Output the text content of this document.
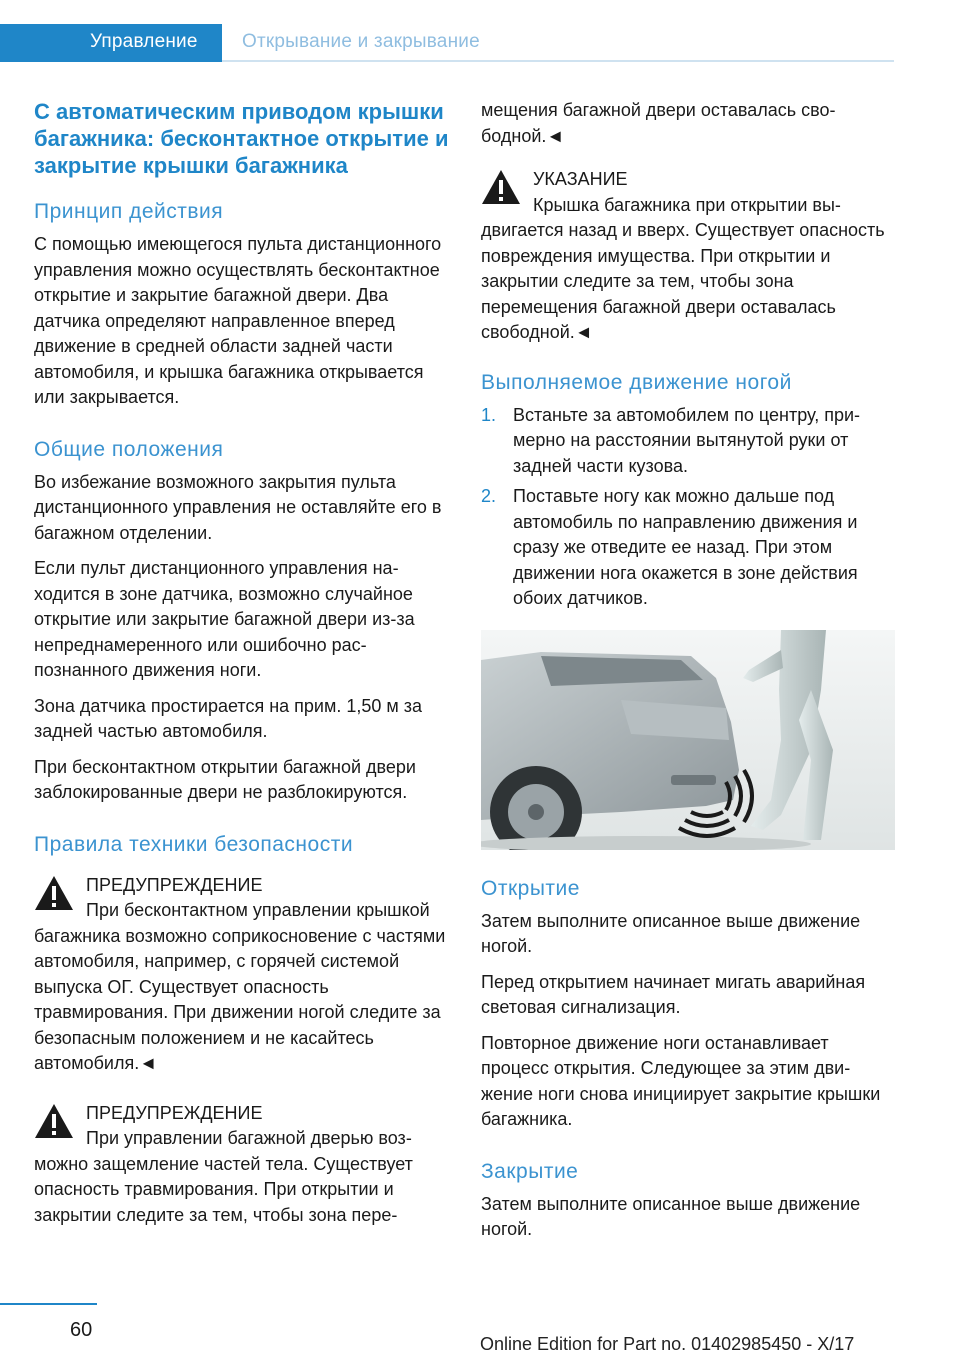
Управление Открывание и закрывание
С автоматическим приводом крышки багажника: бесконтактное открытие и закрытие крышки багажника
Принцип действия

С помощью имеющегося пульта дистанционного управления можно осуществлять бесконтактное открытие и закрытие багажной двери. Два датчика определяют направленное вперед движение в средней области задней части автомобиля, и крышка багажника открывается или закрывается.

Общие положения

Во избежание возможного закрытия пульта дистанционного управления не оставляйте его в багажном отделении.

Если пульт дистанционного управления находится в зоне датчика, возможно случайное открытие или закрытие багажной двери из-за непреднамеренного или ошибочно распознанного движения ноги.

Зона датчика простирается на прим. 1,50 м за задней частью автомобиля.

При бесконтактном открытии багажной двери заблокированные двери не разблокируются.

Правила техники безопасности
ПРЕДУПРЕЖДЕНИЕ

При бесконтактном управлении крышкой багажника возможно соприкосновение с частями автомобиля, например, с горячей системой выпуска ОГ. Существует опасность травмирования. При движении ногой следите за безопасным положением и не касайтесь автомобиля.◄

ПРЕДУПРЕЖДЕНИЕ

При управлении багажной дверью возможно защемление частей тела. Существует опасность травмирования. При открытии и закрытии следите за тем, чтобы зона пере-

мещения багажной двери оставалась свободной.◄

УКАЗАНИЕ

Крышка багажника при открытии выдвигается назад и вверх. Существует опасность повреждения имущества. При открытии и закрытии следите за тем, чтобы зона перемещения багажной двери оставалась свободной.◄

Выполняемое движение ногой
1. Встаньте за автомобилем по центру, примерно на расстоянии вытянутой руки от задней части кузова.
2. Поставьте ногу как можно дальше под автомобиль по направлению движения и сразу же отведите ее назад. При этом движении нога окажется в зоне действия обоих датчиков.
Открытие

Затем выполните описанное выше движение ногой.

Перед открытием начинает мигать аварийная световая сигнализация.

Повторное движение ноги останавливает процесс открытия. Следующее за этим движение ноги снова инициирует закрытие крышки багажника.

Закрытие

Затем выполните описанное выше движение ногой.

60
Online Edition for Part no. 01402985450 - X/17
